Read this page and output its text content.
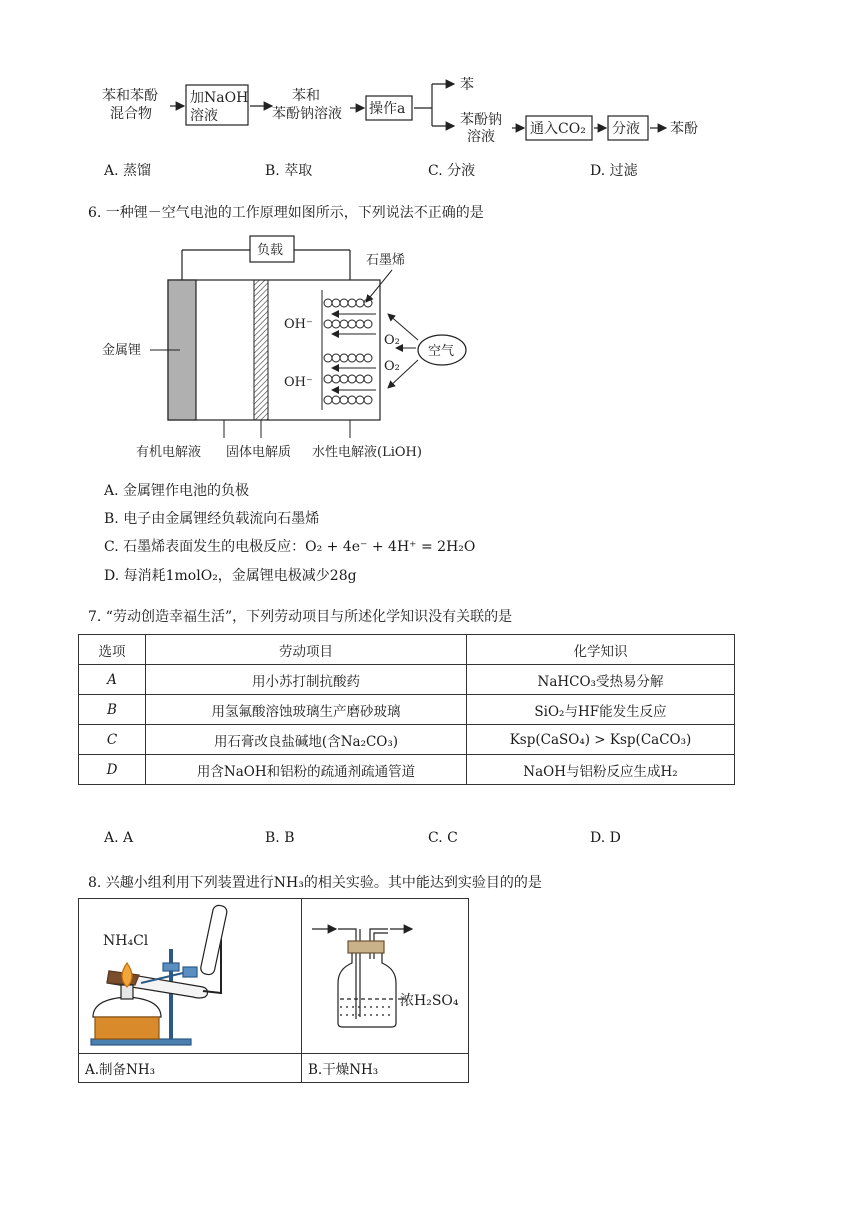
苯和苯酚
混合物
加NaOH
溶液
苯和
苯酚钠溶液 操作a
苯
苯酚钠
溶液	通入CO₂ 分液 苯酚
A. 蒸馏	B. 萃取	C. 分液	D. 过滤
6. 一种锂－空气电池的工作原理如图所示，下列说法不正确的是
负载
OH⁻
OH⁻
O₂
O₂
石墨烯
空气
金属锂
有机电解液 固体电解质 水性电解液(LiOH)
A. 金属锂作电池的负极
B. 电子由金属锂经负载流向石墨烯
C. 石墨烯表面发生的电极反应：O₂ + 4e⁻ + 4H⁺ = 2H₂O
D. 每消耗1molO₂，金属锂电极减少28g
7. “劳动创造幸福生活”，下列劳动项目与所述化学知识没有关联的是
选项	劳动项目	化学知识
A	用小苏打制抗酸药	NaHCO₃受热易分解
B	用氢氟酸溶蚀玻璃生产磨砂玻璃	SiO₂与HF能发生反应
C	用石膏改良盐碱地(含Na₂CO₃)	Ksp(CaSO₄) > Ksp(CaCO₃)
D	用含NaOH和铝粉的疏通剂疏通管道	NaOH与铝粉反应生成H₂
A. A	B. B	C. C	D. D
8. 兴趣小组利用下列装置进行NH₃的相关实验。其中能达到实验目的的是
NH₄Cl	浓H₂SO₄

A.制备NH₃	B.干燥NH₃
